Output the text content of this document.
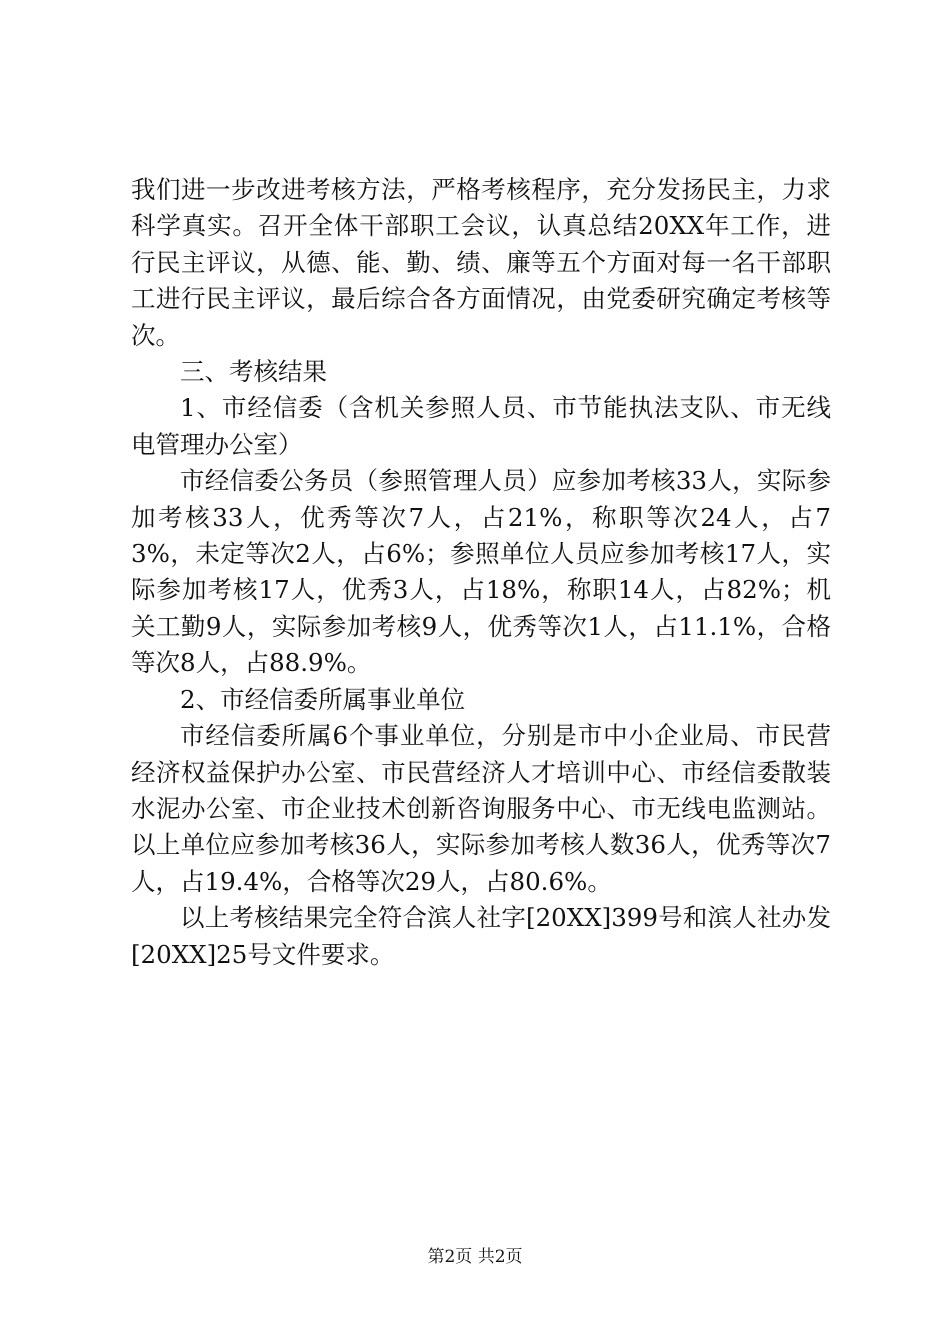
我们进一步改进考核方法，严格考核程序，充分发扬民主，力求科学真实。召开全体干部职工会议，认真总结20XX年工作，进行民主评议，从德、能、勤、绩、廉等五个方面对每一名干部职工进行民主评议，最后综合各方面情况，由党委研究确定考核等次。

三、考核结果

1、市经信委（含机关参照人员、市节能执法支队、市无线电管理办公室）

市经信委公务员（参照管理人员）应参加考核33人，实际参加考核33人，优秀等次7人，占21%，称职等次24人，占73%，未定等次2人，占6%；参照单位人员应参加考核17人，实际参加考核17人，优秀3人，占18%，称职14人，占82%；机关工勤9人，实际参加考核9人，优秀等次1人，占11.1%，合格等次8人，占88.9%。

2、市经信委所属事业单位

市经信委所属6个事业单位，分别是市中小企业局、市民营经济权益保护办公室、市民营经济人才培训中心、市经信委散装水泥办公室、市企业技术创新咨询服务中心、市无线电监测站。以上单位应参加考核36人，实际参加考核人数36人，优秀等次7人，占19.4%，合格等次29人，占80.6%。

以上考核结果完全符合滨人社字[20XX]399号和滨人社办发[20XX]25号文件要求。

第2页 共2页
